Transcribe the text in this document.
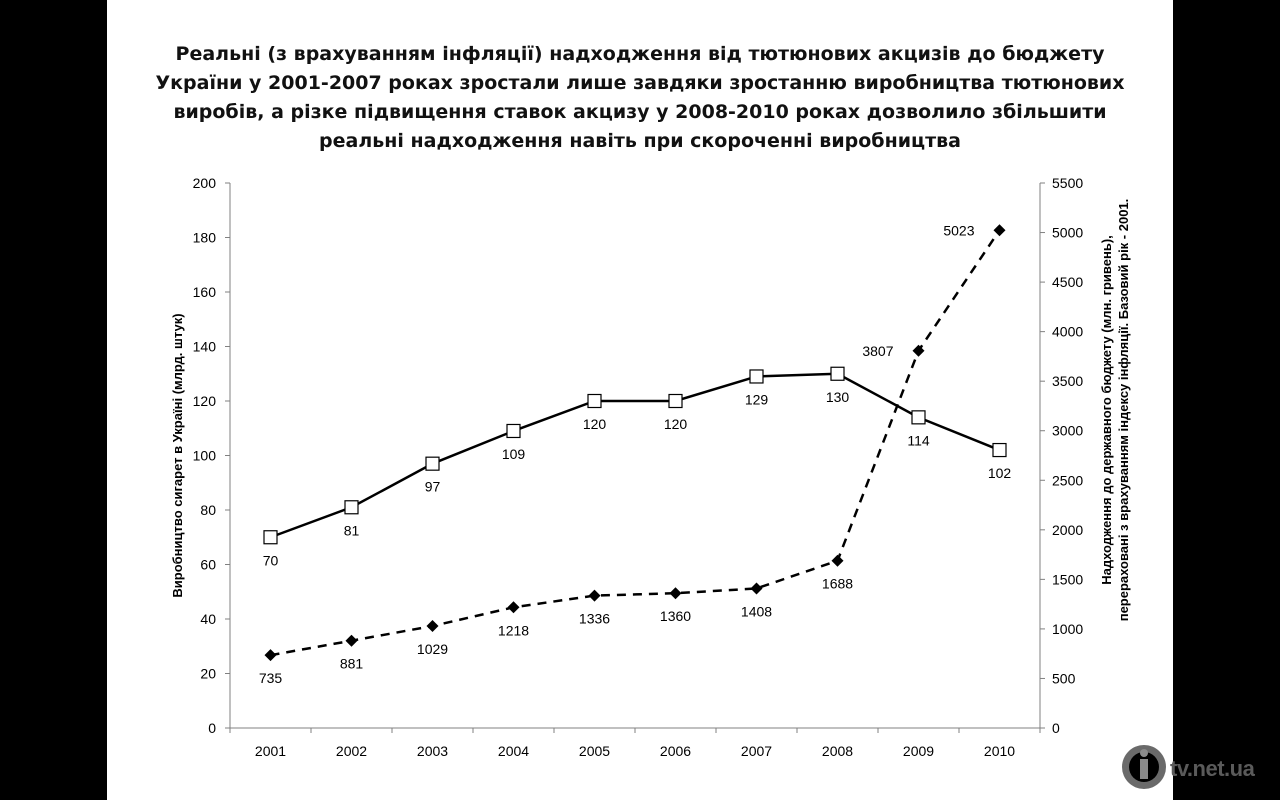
Реальні (з врахуванням інфляції) надходження від тютюнових акцизів до бюджету
України у 2001-2007 роках зростали лише завдяки зростанню виробництва тютюнових
виробів, а різке підвищення ставок акцизу у 2008-2010 роках дозволило збільшити
реальні надходження навіть при скороченні виробництва
0
20
40
60
80
100
120
140
160
180
200
0
500
1000
1500
2000
2500
3000
3500
4000
4500
5000
5500
2001	2002	2003	2004	2005	2006	2007	2008	2009	2010
Виробництво сигарет в Україні (млрд. штук)	Надходження до державного бюджету (млн. гривень), перераховані з врахуванням індексу інфляції. Базовий рік - 2001.
70
81
97
109
120	120
129	130
114
102
735
881
1029
1218
1336	1360	1408
1688
3807
5023
tv.net.ua
